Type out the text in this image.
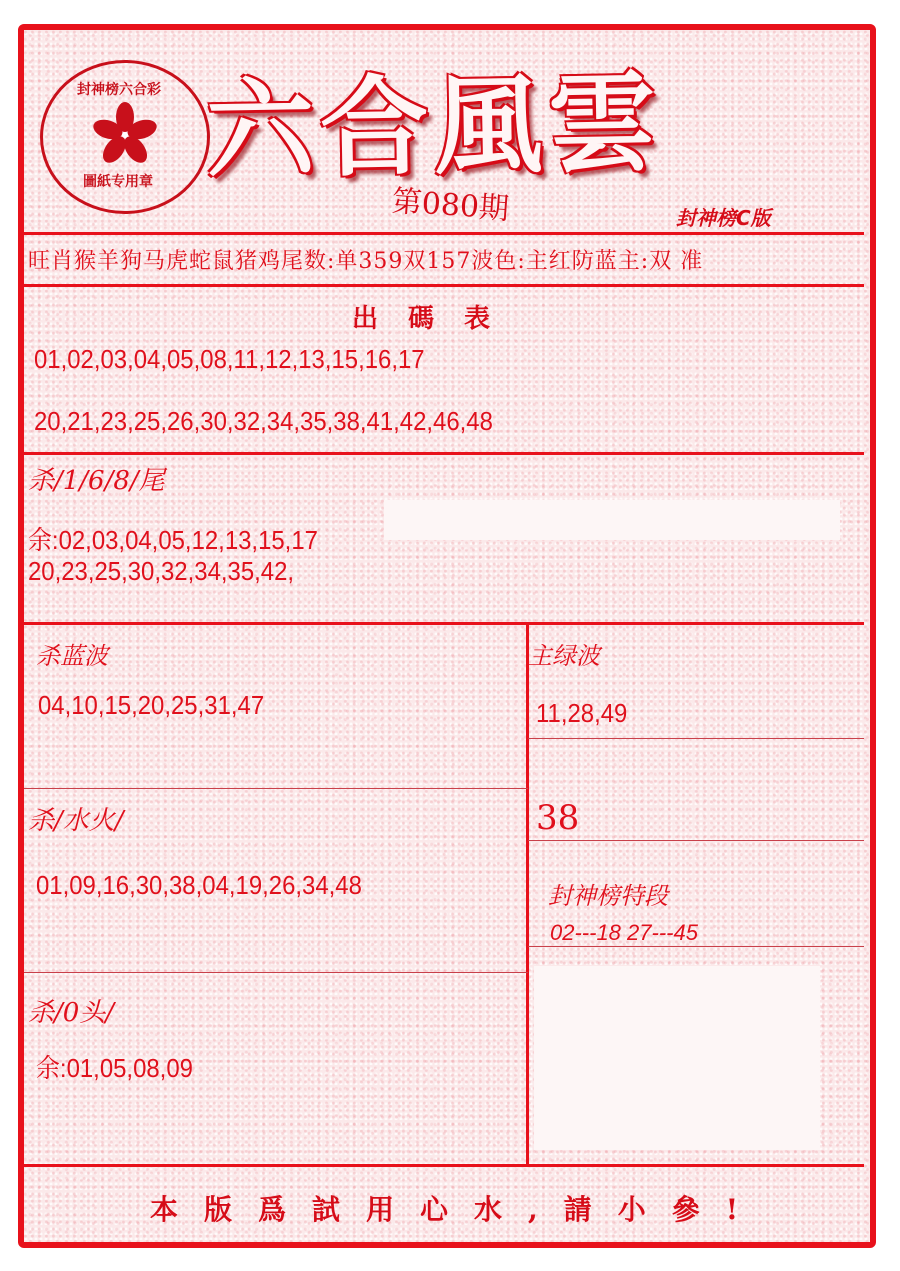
封神榜六合彩
圖紙专用章 六合風雲
第080期	封神榜C版
旺肖猴羊狗马虎蛇鼠猪鸡尾数:单359双157波色:主红防蓝主:双 准
出碼表
01,02,03,04,05,08,11,12,13,15,16,17
20,21,23,25,26,30,32,34,35,38,41,42,46,48
杀/1/6/8/尾
余:02,03,04,05,12,13,15,17
20,23,25,30,32,34,35,42,
杀蓝波
04,10,15,20,25,31,47
主绿波
11,28,49
38
杀/水火/
01,09,16,30,38,04,19,26,34,48	封神榜特段
02---18 27---45
杀/0头/
余:01,05,08,09
本版爲試用心水,請小參!
